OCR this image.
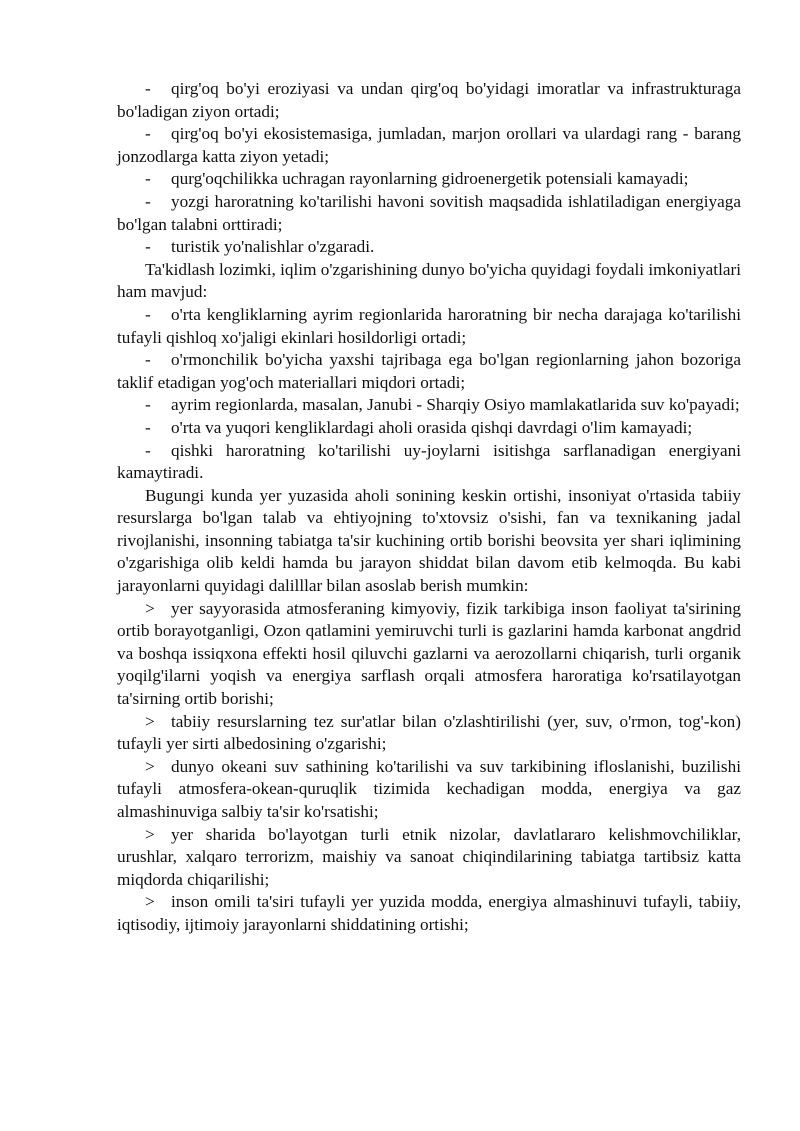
- qirg'oq bo'yi eroziyasi va undan qirg'oq bo'yidagi imoratlar va infrastrukturaga bo'ladigan ziyon ortadi;

- qirg'oq bo'yi ekosistemasiga, jumladan, marjon orollari va ulardagi rang - barang jonzodlarga katta ziyon yetadi;

- qurg'oqchilikka uchragan rayonlarning gidroenergetik potensiali kamayadi;

- yozgi haroratning ko'tarilishi havoni sovitish maqsadida ishlatiladigan energiyaga bo'lgan talabni orttiradi;

- turistik yo'nalishlar o'zgaradi.

Ta'kidlash lozimki, iqlim o'zgarishining dunyo bo'yicha quyidagi foydali imkoniyatlari ham mavjud:

- o'rta kengliklarning ayrim regionlarida haroratning bir necha darajaga ko'tarilishi tufayli qishloq xo'jaligi ekinlari hosildorligi ortadi;

- o'rmonchilik bo'yicha yaxshi tajribaga ega bo'lgan regionlarning jahon bozoriga taklif etadigan yog'och materiallari miqdori ortadi;

- ayrim regionlarda, masalan, Janubi - Sharqiy Osiyo mamlakatlarida suv ko'payadi;

- o'rta va yuqori kengliklardagi aholi orasida qishqi davrdagi o'lim kamayadi;

- qishki haroratning ko'tarilishi uy-joylarni isitishga sarflanadigan energiyani kamaytiradi.

Bugungi kunda yer yuzasida aholi sonining keskin ortishi, insoniyat o'rtasida tabiiy resurslarga bo'lgan talab va ehtiyojning to'xtovsiz o'sishi, fan va texnikaning jadal rivojlanishi, insonning tabiatga ta'sir kuchining ortib borishi beovsita yer shari iqlimining o'zgarishiga olib keldi hamda bu jarayon shiddat bilan davom etib kelmoqda. Bu kabi jarayonlarni quyidagi dalilllar bilan asoslab berish mumkin:

> yer sayyorasida atmosferaning kimyoviy, fizik tarkibiga inson faoliyat ta'sirining ortib borayotganligi, Ozon qatlamini yemiruvchi turli is gazlarini hamda karbonat angdrid va boshqa issiqxona effekti hosil qiluvchi gazlarni va aerozollarni chiqarish, turli organik yoqilg'ilarni yoqish va energiya sarflash orqali atmosfera haroratiga ko'rsatilayotgan ta'sirning ortib borishi;

> tabiiy resurslarning tez sur'atlar bilan o'zlashtirilishi (yer, suv, o'rmon, tog'-kon) tufayli yer sirti albedosining o'zgarishi;

> dunyo okeani suv sathining ko'tarilishi va suv tarkibining ifloslanishi, buzilishi tufayli atmosfera-okean-quruqlik tizimida kechadigan modda, energiya va gaz almashinuviga salbiy ta'sir ko'rsatishi;

> yer sharida bo'layotgan turli etnik nizolar, davlatlararo kelishmovchiliklar, urushlar, xalqaro terrorizm, maishiy va sanoat chiqindilarining tabiatga tartibsiz katta miqdorda chiqarilishi;

> inson omili ta'siri tufayli yer yuzida modda, energiya almashinuvi tufayli, tabiiy, iqtisodiy, ijtimoiy jarayonlarni shiddatining ortishi;
